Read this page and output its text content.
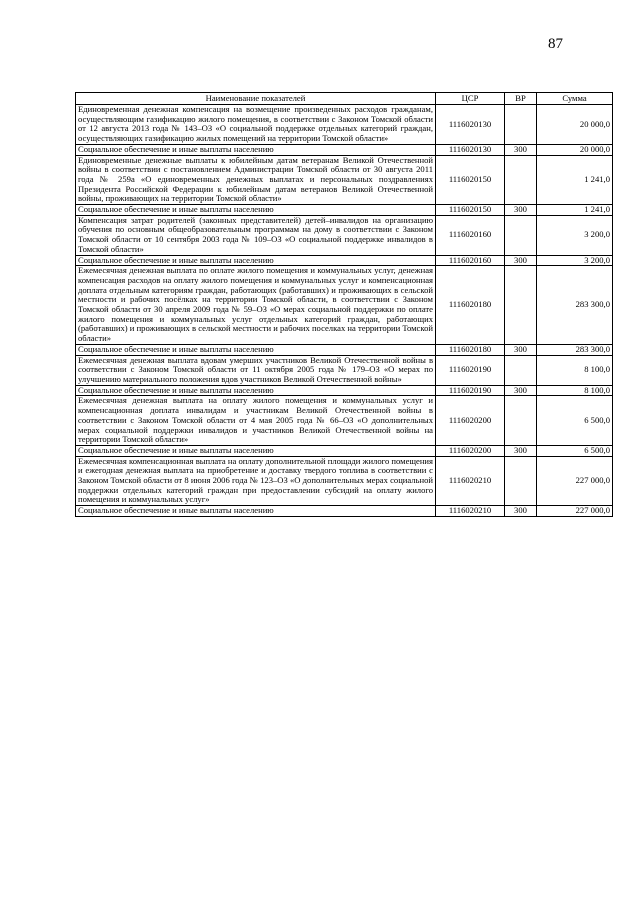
87
Наименование показателей	ЦСР	ВР	Сумма
Единовременная денежная компенсация на возмещение произведенных расходов гражданам, осуществляющим газификацию жилого помещения, в соответствии с Законом Томской области от 12 августа 2013 года № 143–ОЗ «О социальной поддержке отдельных категорий граждан, осуществляющих газификацию жилых помещений на территории Томской области»	1116020130		20 000,0
Социальное обеспечение и иные выплаты населению	1116020130	300	20 000,0
Единовременные денежные выплаты к юбилейным датам ветеранам Великой Отечественной войны в соответствии с постановлением Администрации Томской области от 30 августа 2011 года № 259а «О единовременных денежных выплатах и персональных поздравлениях Президента Российской Федерации к юбилейным датам ветеранов Великой Отечественной войны, проживающих на территории Томской области»	1116020150		1 241,0
Социальное обеспечение и иные выплаты населению	1116020150	300	1 241,0
Компенсация затрат родителей (законных представителей) детей–инвалидов на организацию обучения по основным общеобразовательным программам на дому в соответствии с Законом Томской области от 10 сентября 2003 года № 109–ОЗ «О социальной поддержке инвалидов в Томской области»	1116020160		3 200,0
Социальное обеспечение и иные выплаты населению	1116020160	300	3 200,0
Ежемесячная денежная выплата по оплате жилого помещения и коммунальных услуг, денежная компенсация расходов на оплату жилого помещения и коммунальных услуг и компенсационная доплата отдельным категориям граждан, работающих (работавших) и проживающих в сельской местности и рабочих посёлках на территории Томской области, в соответствии с Законом Томской области от 30 апреля 2009 года № 59–ОЗ «О мерах социальной поддержки по оплате жилого помещения и коммунальных услуг отдельных категорий граждан, работающих (работавших) и проживающих в сельской местности и рабочих поселках на территории Томской области»	1116020180		283 300,0
Социальное обеспечение и иные выплаты населению	1116020180	300	283 300,0
Ежемесячная денежная выплата вдовам умерших участников Великой Отечественной войны в соответствии с Законом Томской области от 11 октября 2005 года № 179–ОЗ «О мерах по улучшению материального положения вдов участников Великой Отечественной войны»	1116020190		8 100,0
Социальное обеспечение и иные выплаты населению	1116020190	300	8 100,0
Ежемесячная денежная выплата на оплату жилого помещения и коммунальных услуг и компенсационная доплата инвалидам и участникам Великой Отечественной войны в соответствии с Законом Томской области от 4 мая 2005 года № 66–ОЗ «О дополнительных мерах социальной поддержки инвалидов и участников Великой Отечественной войны на территории Томской области»	1116020200		6 500,0
Социальное обеспечение и иные выплаты населению	1116020200	300	6 500,0
Ежемесячная компенсационная выплата на оплату дополнительной площади жилого помещения и ежегодная денежная выплата на приобретение и доставку твердого топлива в соответствии с Законом Томской области от 8 июня 2006 года № 123–ОЗ «О дополнительных мерах социальной поддержки отдельных категорий граждан при предоставлении субсидий на оплату жилого помещения и коммунальных услуг»	1116020210		227 000,0
Социальное обеспечение и иные выплаты населению	1116020210	300	227 000,0
